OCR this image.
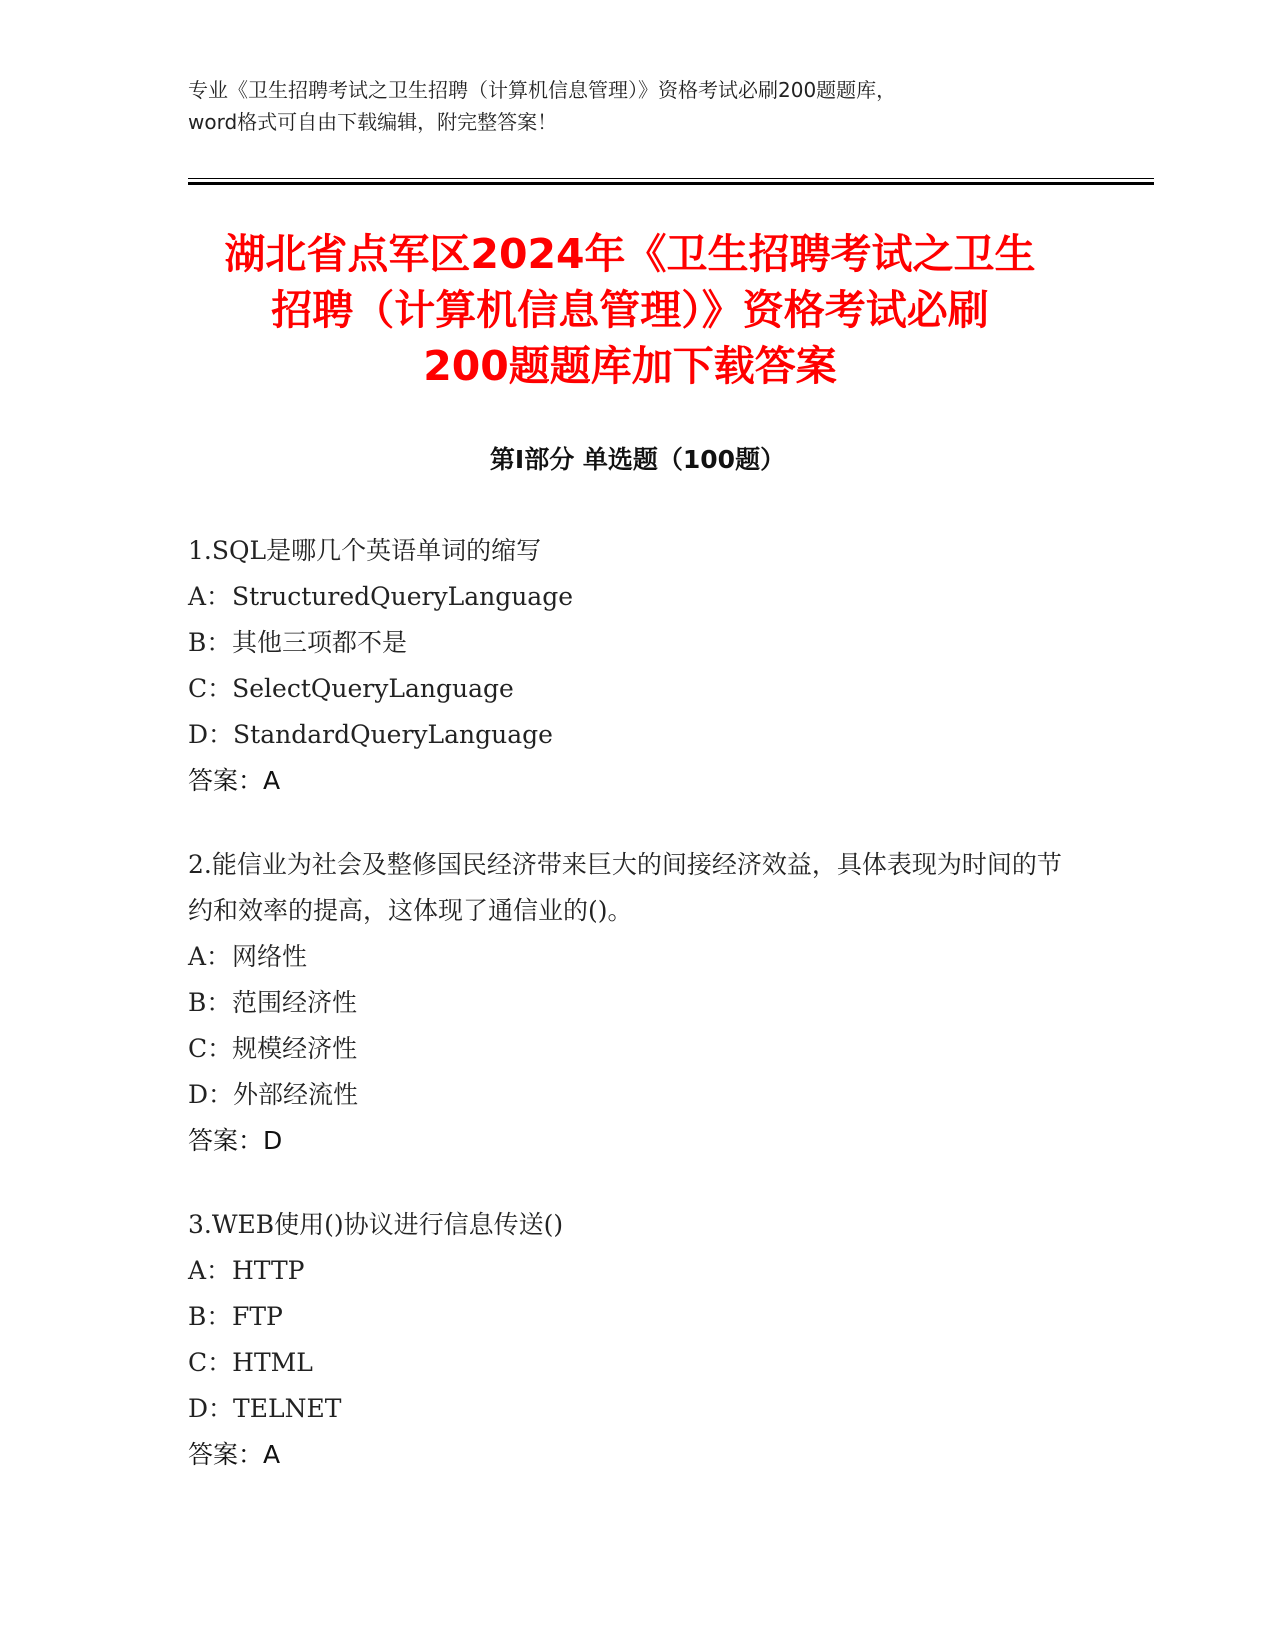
专业《卫生招聘考试之卫生招聘（计算机信息管理）》资格考试必刷200题题库，
word格式可自由下载编辑，附完整答案！
湖北省点军区2024年《卫生招聘考试之卫生
招聘（计算机信息管理）》资格考试必刷
200题题库加下载答案
第Ⅰ部分 单选题（100题）
1.SQL是哪几个英语单词的缩写
A：StructuredQueryLanguage
B：其他三项都不是
C：SelectQueryLanguage
D：StandardQueryLanguage
答案：A
2.能信业为社会及整修国民经济带来巨大的间接经济效益，具体表现为时间的节约和效率的提高，这体现了通信业的()。
A：网络性
B：范围经济性
C：规模经济性
D：外部经流性
答案：D
3.WEB使用()协议进行信息传送()
A：HTTP
B：FTP
C：HTML
D：TELNET
答案：A
